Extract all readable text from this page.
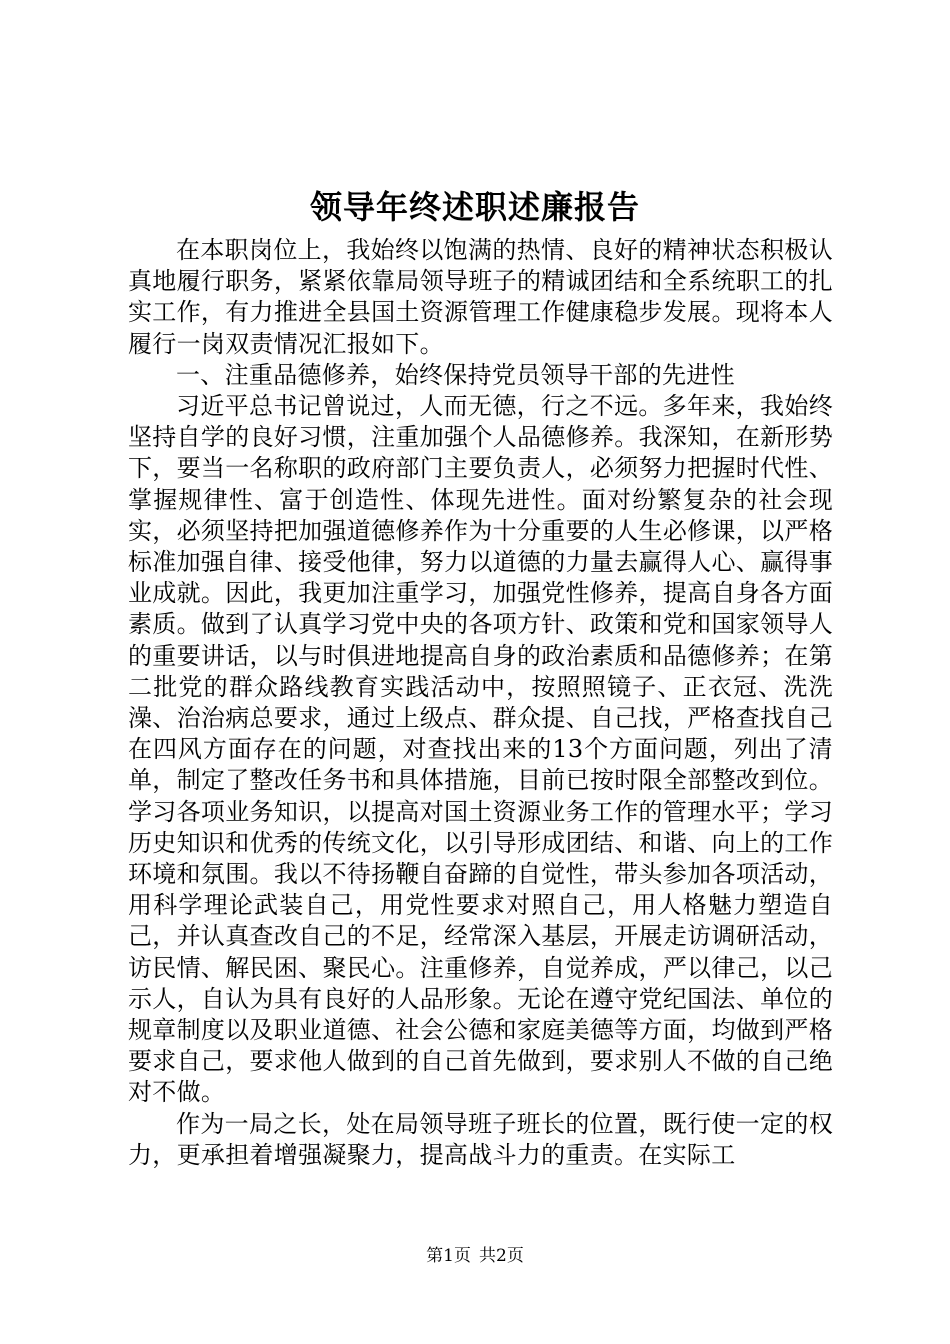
领导年终述职述廉报告

在本职岗位上，我始终以饱满的热情、良好的精神状态积极认真地履行职务，紧紧依靠局领导班子的精诚团结和全系统职工的扎实工作，有力推进全县国土资源管理工作健康稳步发展。现将本人履行一岗双责情况汇报如下。

一、注重品德修养，始终保持党员领导干部的先进性

习近平总书记曾说过，人而无德，行之不远。多年来，我始终坚持自学的良好习惯，注重加强个人品德修养。我深知，在新形势下，要当一名称职的政府部门主要负责人，必须努力把握时代性、掌握规律性、富于创造性、体现先进性。面对纷繁复杂的社会现实，必须坚持把加强道德修养作为十分重要的人生必修课，以严格标准加强自律、接受他律，努力以道德的力量去赢得人心、赢得事业成就。因此，我更加注重学习，加强党性修养，提高自身各方面素质。做到了认真学习党中央的各项方针、政策和党和国家领导人的重要讲话，以与时俱进地提高自身的政治素质和品德修养；在第二批党的群众路线教育实践活动中，按照照镜子、正衣冠、洗洗澡、治治病总要求，通过上级点、群众提、自己找，严格查找自己在四风方面存在的问题，对查找出来的13个方面问题，列出了清单，制定了整改任务书和具体措施，目前已按时限全部整改到位。学习各项业务知识，以提高对国土资源业务工作的管理水平；学习历史知识和优秀的传统文化，以引导形成团结、和谐、向上的工作环境和氛围。我以不待扬鞭自奋蹄的自觉性，带头参加各项活动，用科学理论武装自己，用党性要求对照自己，用人格魅力塑造自己，并认真查改自己的不足，经常深入基层，开展走访调研活动，访民情、解民困、聚民心。注重修养，自觉养成，严以律己，以己示人，自认为具有良好的人品形象。无论在遵守党纪国法、单位的规章制度以及职业道德、社会公德和家庭美德等方面，均做到严格要求自己，要求他人做到的自己首先做到，要求别人不做的自己绝对不做。

作为一局之长，处在局领导班子班长的位置，既行使一定的权力，更承担着增强凝聚力，提高战斗力的重责。在实际工

第1页 共2页
